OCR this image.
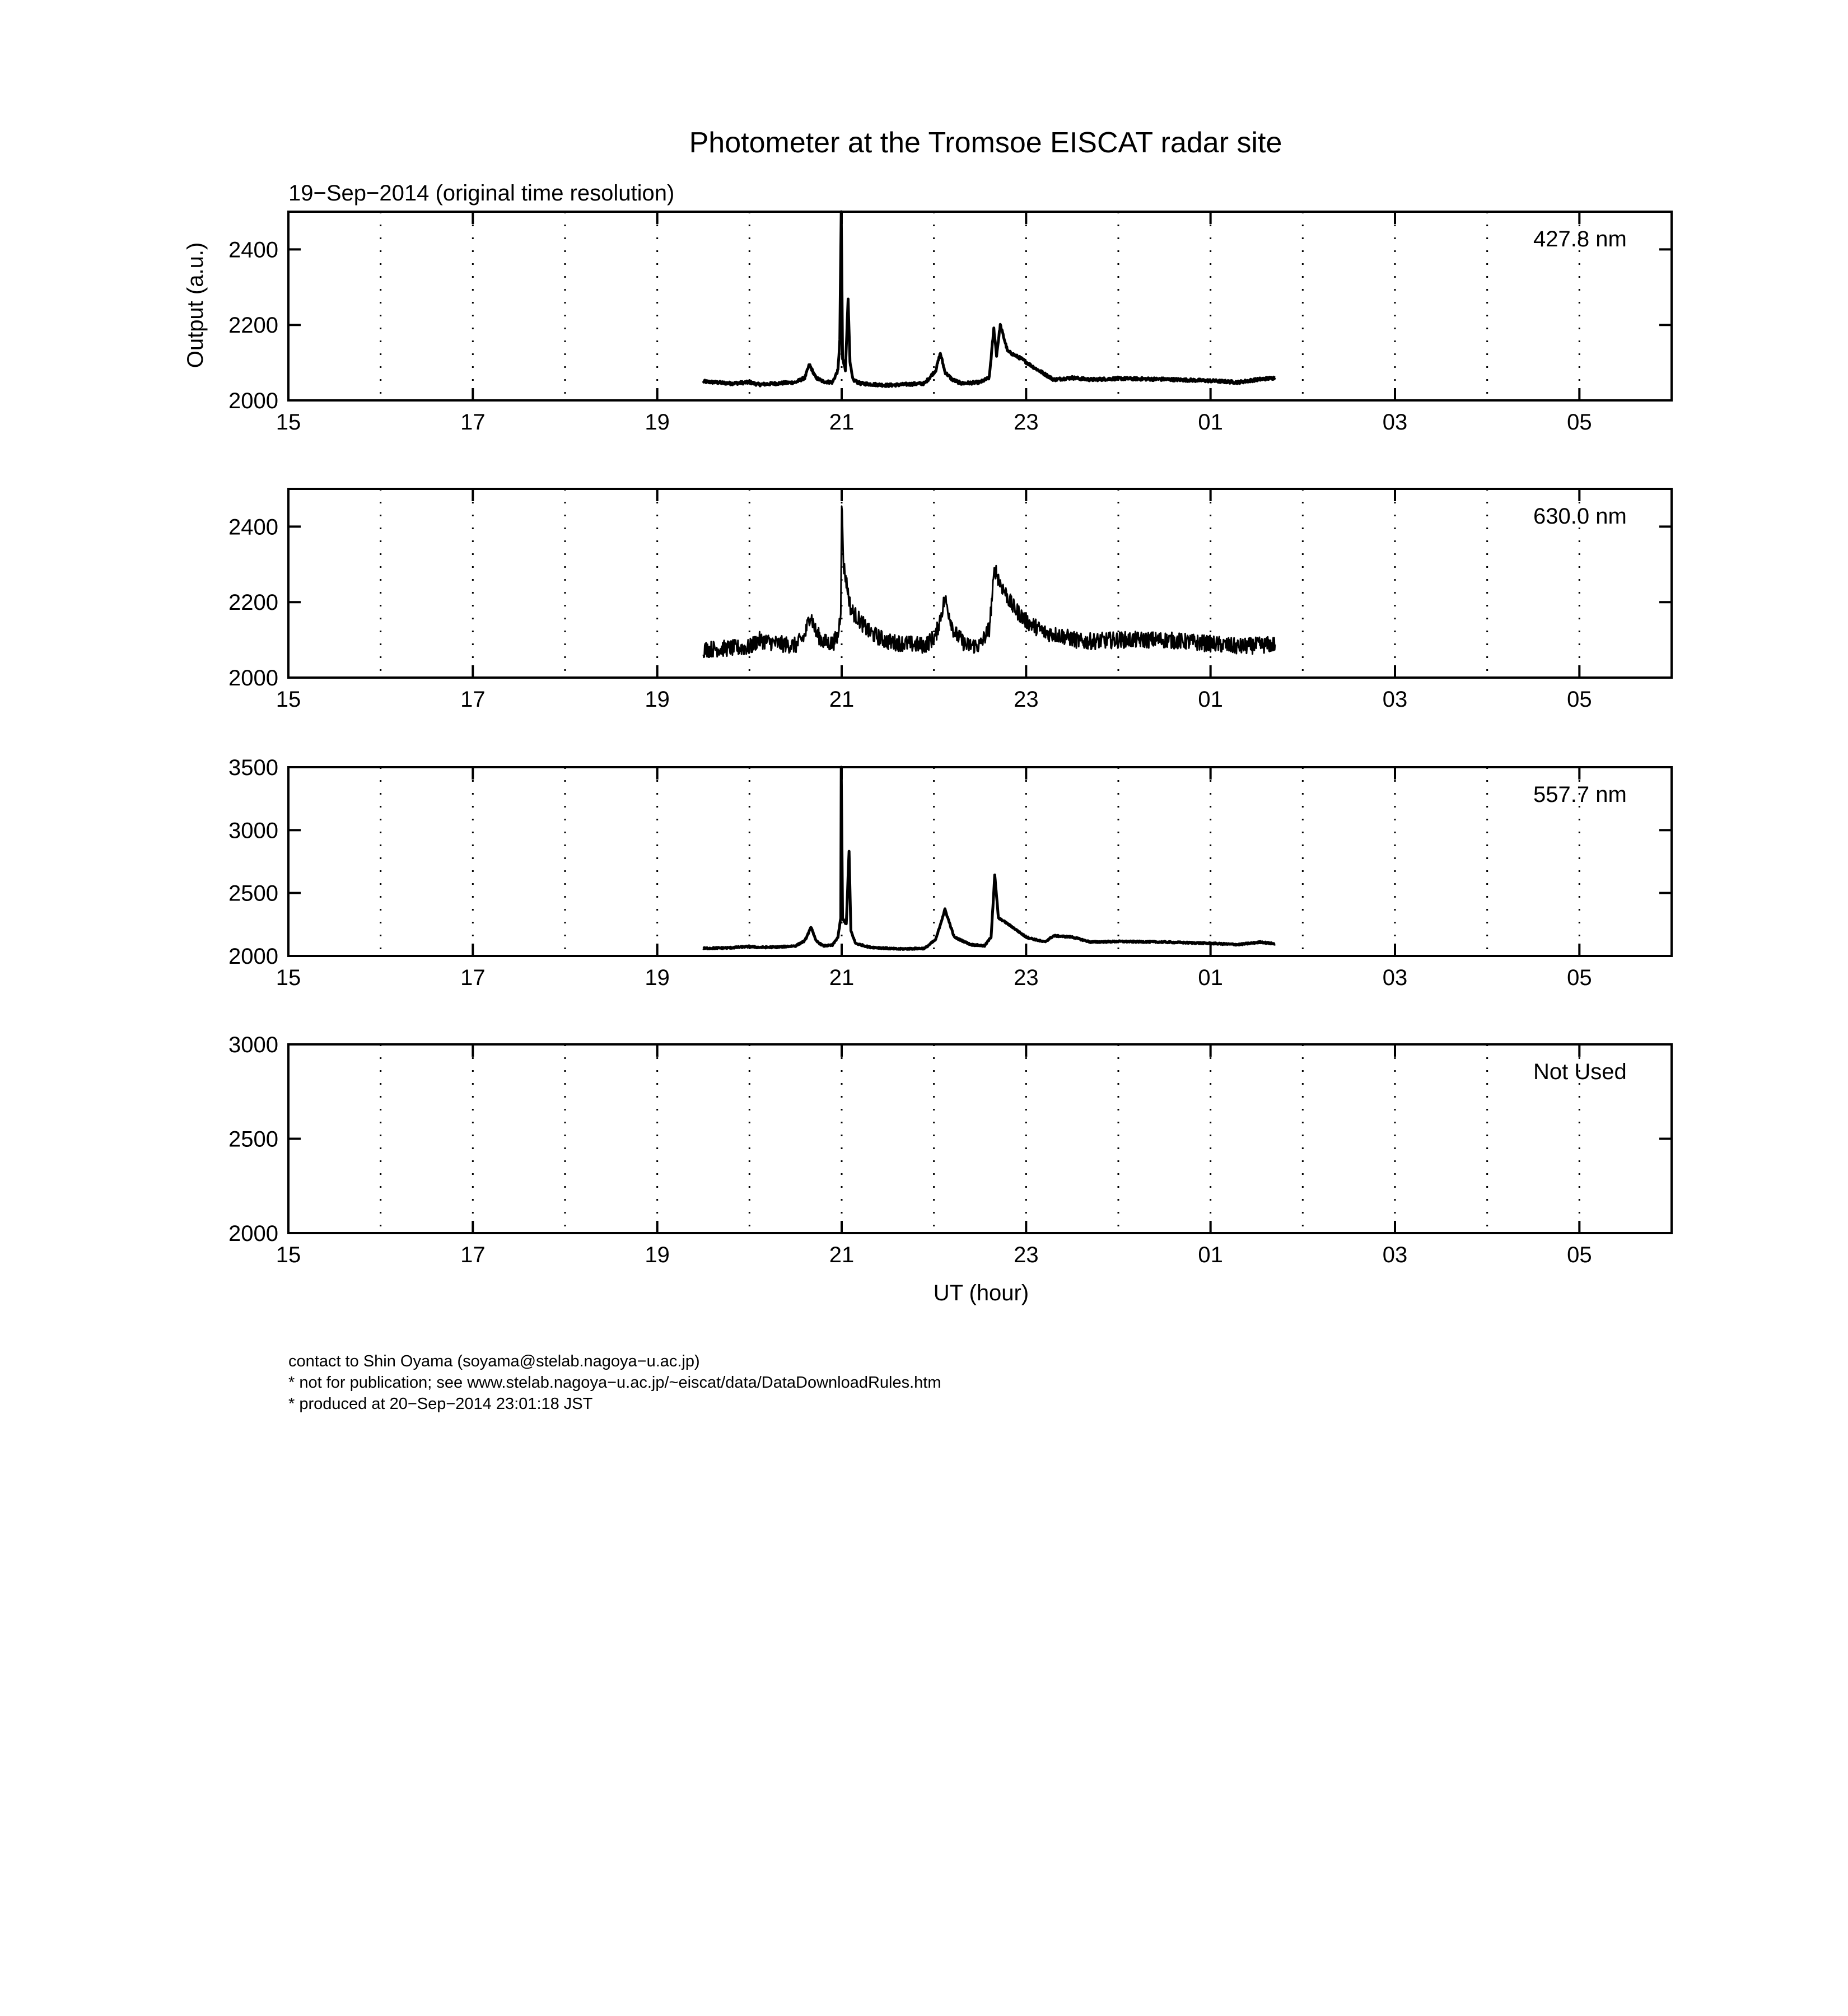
Photometer at the Tromsoe EISCAT radar site
19−Sep−2014 (original time resolution)
Output (a.u.)
UT (hour)
15	17	19	21	23	01	03	05
2000
2200
2400	427.8 nm
15	17	19	21	23	01	03	05
2000
2200
2400	630.0 nm
15	17	19	21	23	01	03	05
2000
2500
3000
3500
557.7 nm
15	17	19	21	23	01	03	05
2000
2500
3000
Not Used
contact to Shin Oyama (soyama@stelab.nagoya−u.ac.jp)
* not for publication; see www.stelab.nagoya−u.ac.jp/~eiscat/data/DataDownloadRules.htm
* produced at 20−Sep−2014 23:01:18 JST
